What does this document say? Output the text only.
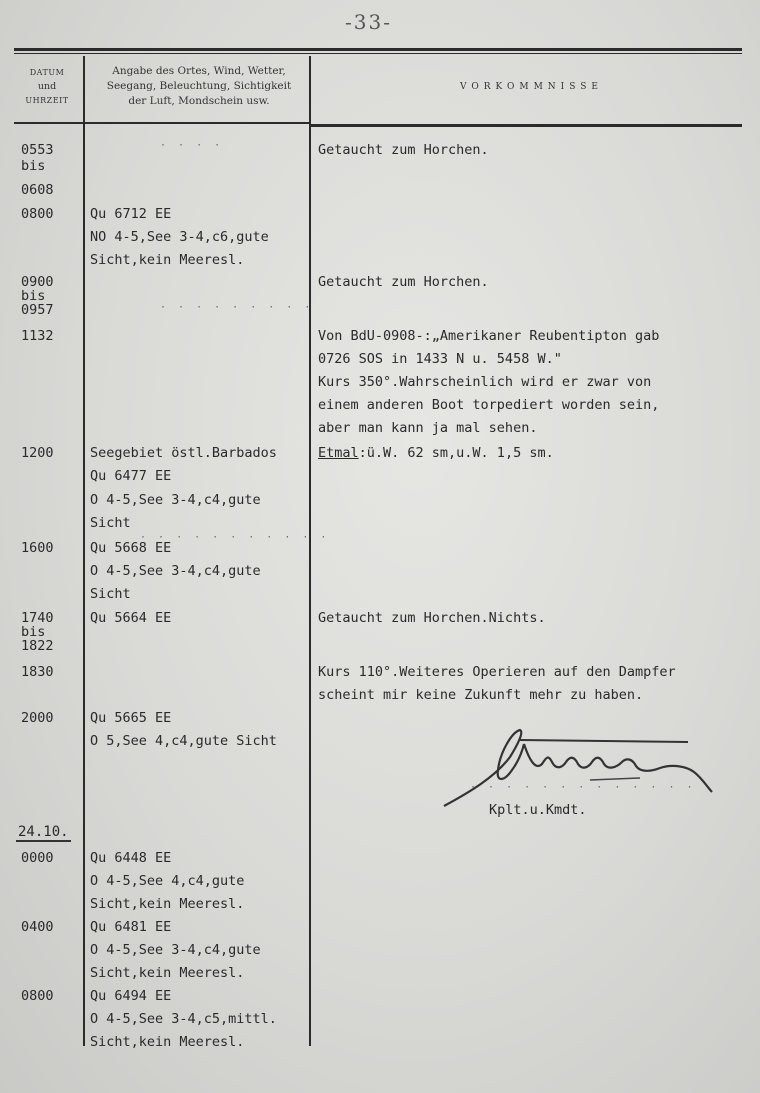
-33-
DATUM
und
UHRZEIT
Angabe des Ortes, Wind, Wetter,
Seegang, Beleuchtung, Sichtigkeit
der Luft, Mondschein usw.
VORKOMMNISSE
0553
bis
0608
0800
0900
bis
0957
1132
1200
1600
1740
bis
1822
1830
2000
24.10.
0000
0400
0800
· · · ·
· · · · · · · · ·
· · · · · · · · · · ·
· · · · · · · · · · · · · ·
Qu 6712 EE
NO 4-5,See 3-4,c6,gute
Sicht,kein Meeresl.
Seegebiet östl.Barbados
Qu 6477 EE
O 4-5,See 3-4,c4,gute
Sicht
Qu 5668 EE
O 4-5,See 3-4,c4,gute
Sicht
Qu 5664 EE
Qu 5665 EE
O 5,See 4,c4,gute Sicht
Qu 6448 EE
O 4-5,See 4,c4,gute
Sicht,kein Meeresl.
Qu 6481 EE
O 4-5,See 3-4,c4,gute
Sicht,kein Meeresl.
Qu 6494 EE
O 4-5,See 3-4,c5,mittl.
Sicht,kein Meeresl.
Getaucht zum Horchen.
Getaucht zum Horchen.
Von BdU-0908-:„Amerikaner Reubentipton gab
0726 SOS in 1433 N u. 5458 W."
Kurs 350°.Wahrscheinlich wird er zwar von
einem anderen Boot torpediert worden sein,
aber man kann ja mal sehen.
Etmal:ü.W. 62 sm,u.W. 1,5 sm.
Getaucht zum Horchen.Nichts.
Kurs 110°.Weiteres Operieren auf den Dampfer
scheint mir keine Zukunft mehr zu haben.
Kplt.u.Kmdt.
